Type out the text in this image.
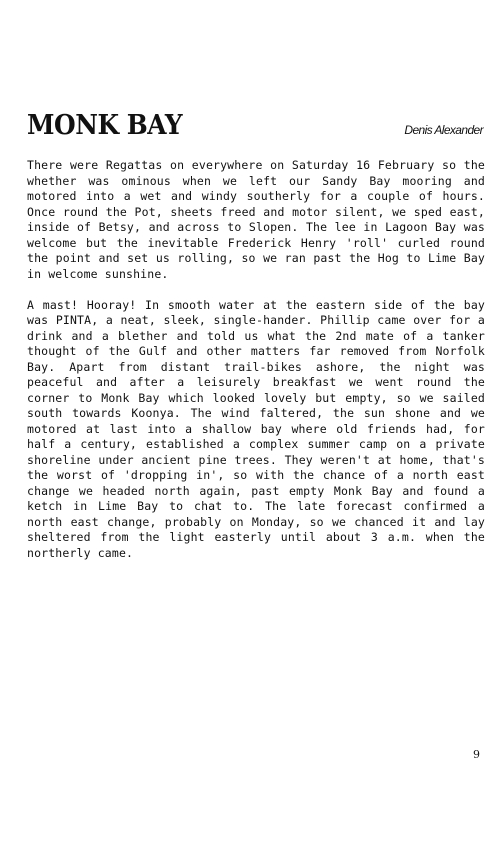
MONK BAY	Denis Alexander

There were Regattas on everywhere on Saturday 16 February so the whether was ominous when we left our Sandy Bay mooring and motored into a wet and windy southerly for a couple of hours. Once round the Pot, sheets freed and motor silent, we sped east, inside of Betsy, and across to Slopen. The lee in Lagoon Bay was welcome but the inevitable Frederick Henry 'roll' curled round the point and set us rolling, so we ran past the Hog to Lime Bay in welcome sunshine.

A mast! Hooray! In smooth water at the eastern side of the bay was PINTA, a neat, sleek, single-hander. Phillip came over for a drink and a blether and told us what the 2nd mate of a tanker thought of the Gulf and other matters far removed from Norfolk Bay. Apart from distant trail-bikes ashore, the night was peaceful and after a leisurely breakfast we went round the corner to Monk Bay which looked lovely but empty, so we sailed south towards Koonya. The wind faltered, the sun shone and we motored at last into a shallow bay where old friends had, for half a century, established a complex summer camp on a private shoreline under ancient pine trees. They weren't at home, that's the worst of 'dropping in', so with the chance of a north east change we headed north again, past empty Monk Bay and found a ketch in Lime Bay to chat to. The late forecast confirmed a north east change, probably on Monday, so we chanced it and lay sheltered from the light easterly until about 3 a.m. when the northerly came.

9
